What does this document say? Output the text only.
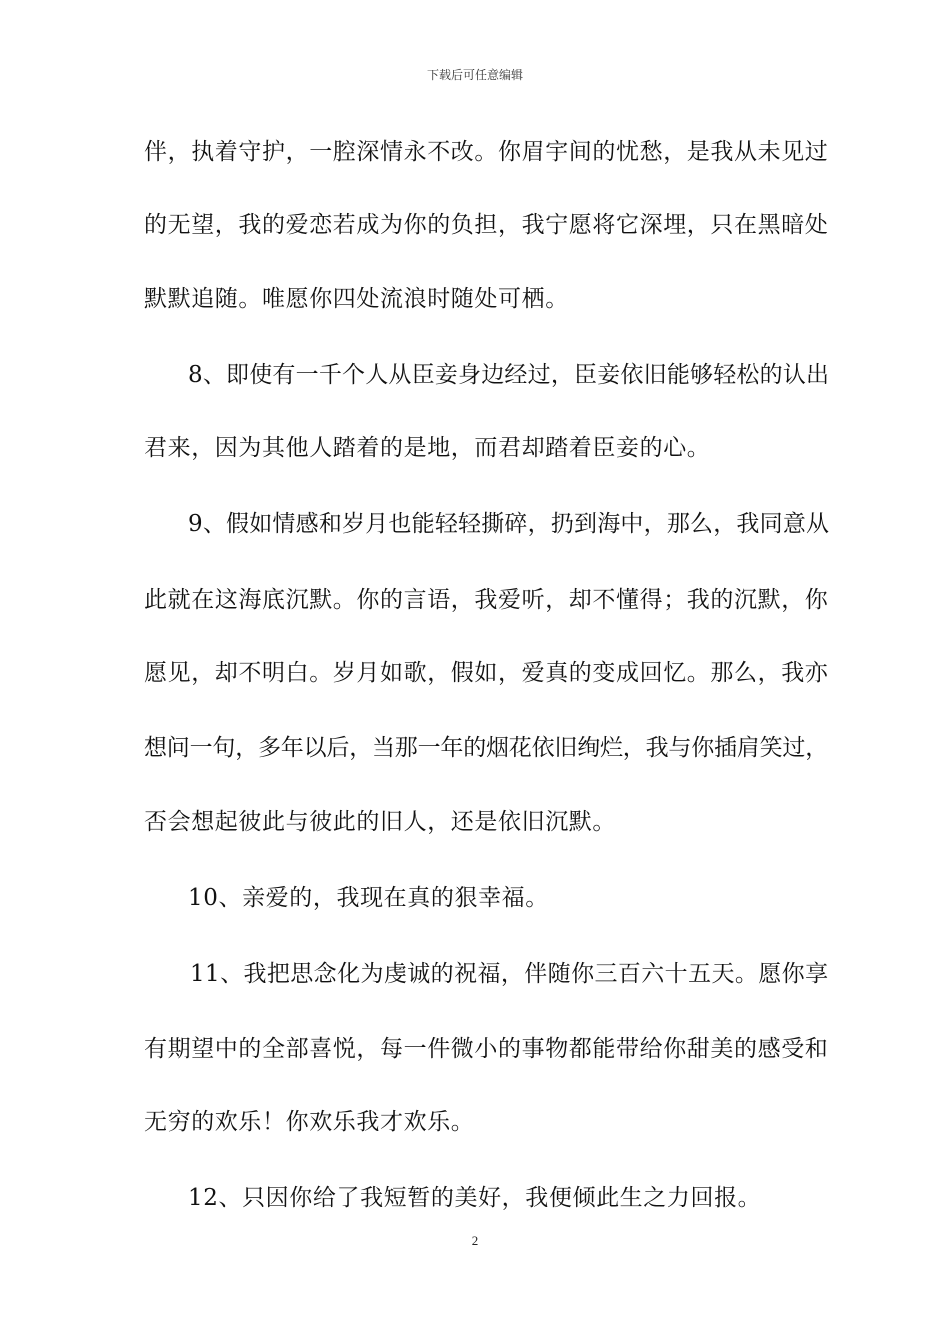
下载后可任意编辑
伴，执着守护，一腔深情永不改。你眉宇间的忧愁，是我从未见过
的无望，我的爱恋若成为你的负担，我宁愿将它深埋，只在黑暗处
默默追随。唯愿你四处流浪时随处可栖。
8、即使有一千个人从臣妾身边经过，臣妾依旧能够轻松的认出
君来，因为其他人踏着的是地，而君却踏着臣妾的心。
9、假如情感和岁月也能轻轻撕碎，扔到海中，那么，我同意从
此就在这海底沉默。你的言语，我爱听，却不懂得；我的沉默，你
愿见，却不明白。岁月如歌，假如，爱真的变成回忆。那么，我亦
想问一句，多年以后，当那一年的烟花依旧绚烂，我与你插肩笑过，
否会想起彼此与彼此的旧人，还是依旧沉默。
10、亲爱的，我现在真的狠幸福。
11、我把思念化为虔诚的祝福，伴随你三百六十五天。愿你享
有期望中的全部喜悦，每一件微小的事物都能带给你甜美的感受和
无穷的欢乐！你欢乐我才欢乐。
12、只因你给了我短暂的美好，我便倾此生之力回报。
2
